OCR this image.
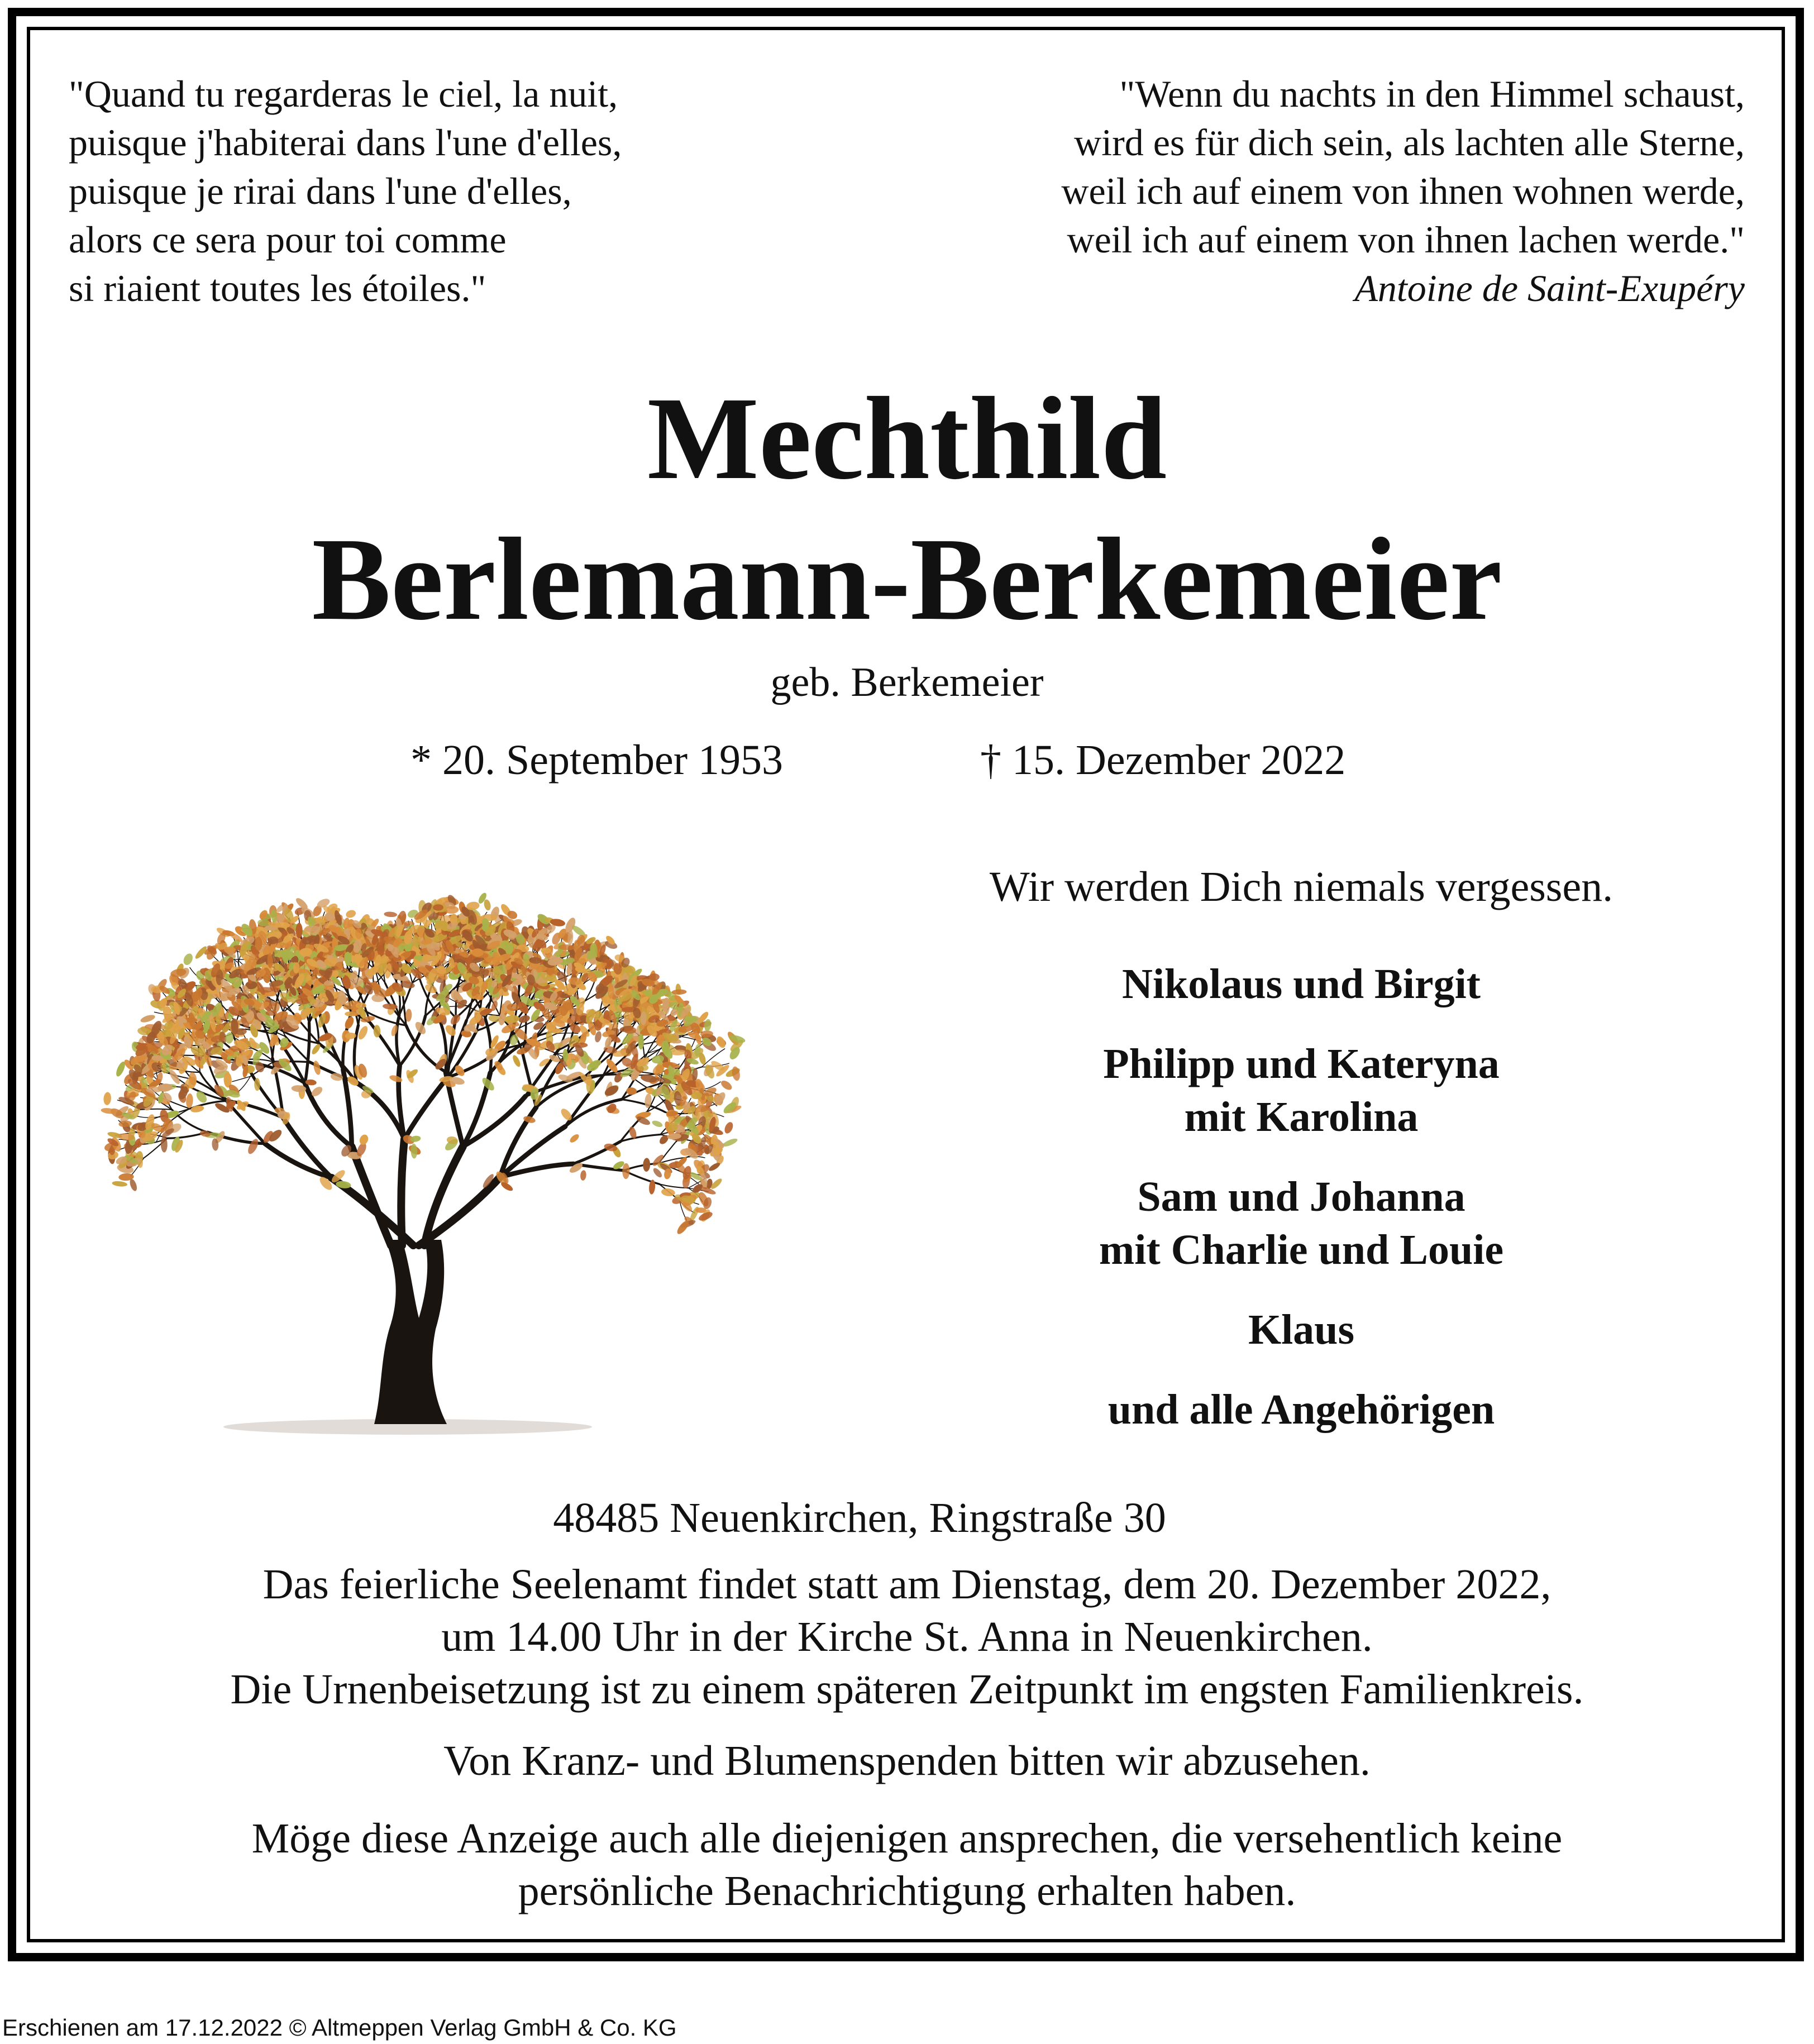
"Quand tu regarderas le ciel, la nuit,
puisque j'habiterai dans l'une d'elles,
puisque je rirai dans l'une d'elles,
alors ce sera pour toi comme
si riaient toutes les étoiles."
"Wenn du nachts in den Himmel schaust,
wird es für dich sein, als lachten alle Sterne,
weil ich auf einem von ihnen wohnen werde,
weil ich auf einem von ihnen lachen werde."
Antoine de Saint-Exupéry
Mechthild
Berlemann-Berkemeier
geb. Berkemeier
* 20. September 1953	† 15. Dezember 2022
Wir werden Dich niemals vergessen.
Nikolaus und Birgit
Philipp und Kateryna
mit Karolina
Sam und Johanna
mit Charlie und Louie
Klaus
und alle Angehörigen
48485 Neuenkirchen, Ringstraße 30
Das feierliche Seelenamt findet statt am Dienstag, dem 20. Dezember 2022,
um 14.00 Uhr in der Kirche St. Anna in Neuenkirchen.
Die Urnenbeisetzung ist zu einem späteren Zeitpunkt im engsten Familienkreis.
Von Kranz- und Blumenspenden bitten wir abzusehen.
Möge diese Anzeige auch alle diejenigen ansprechen, die versehentlich keine
persönliche Benachrichtigung erhalten haben.
Erschienen am 17.12.2022 © Altmeppen Verlag GmbH & Co. KG
